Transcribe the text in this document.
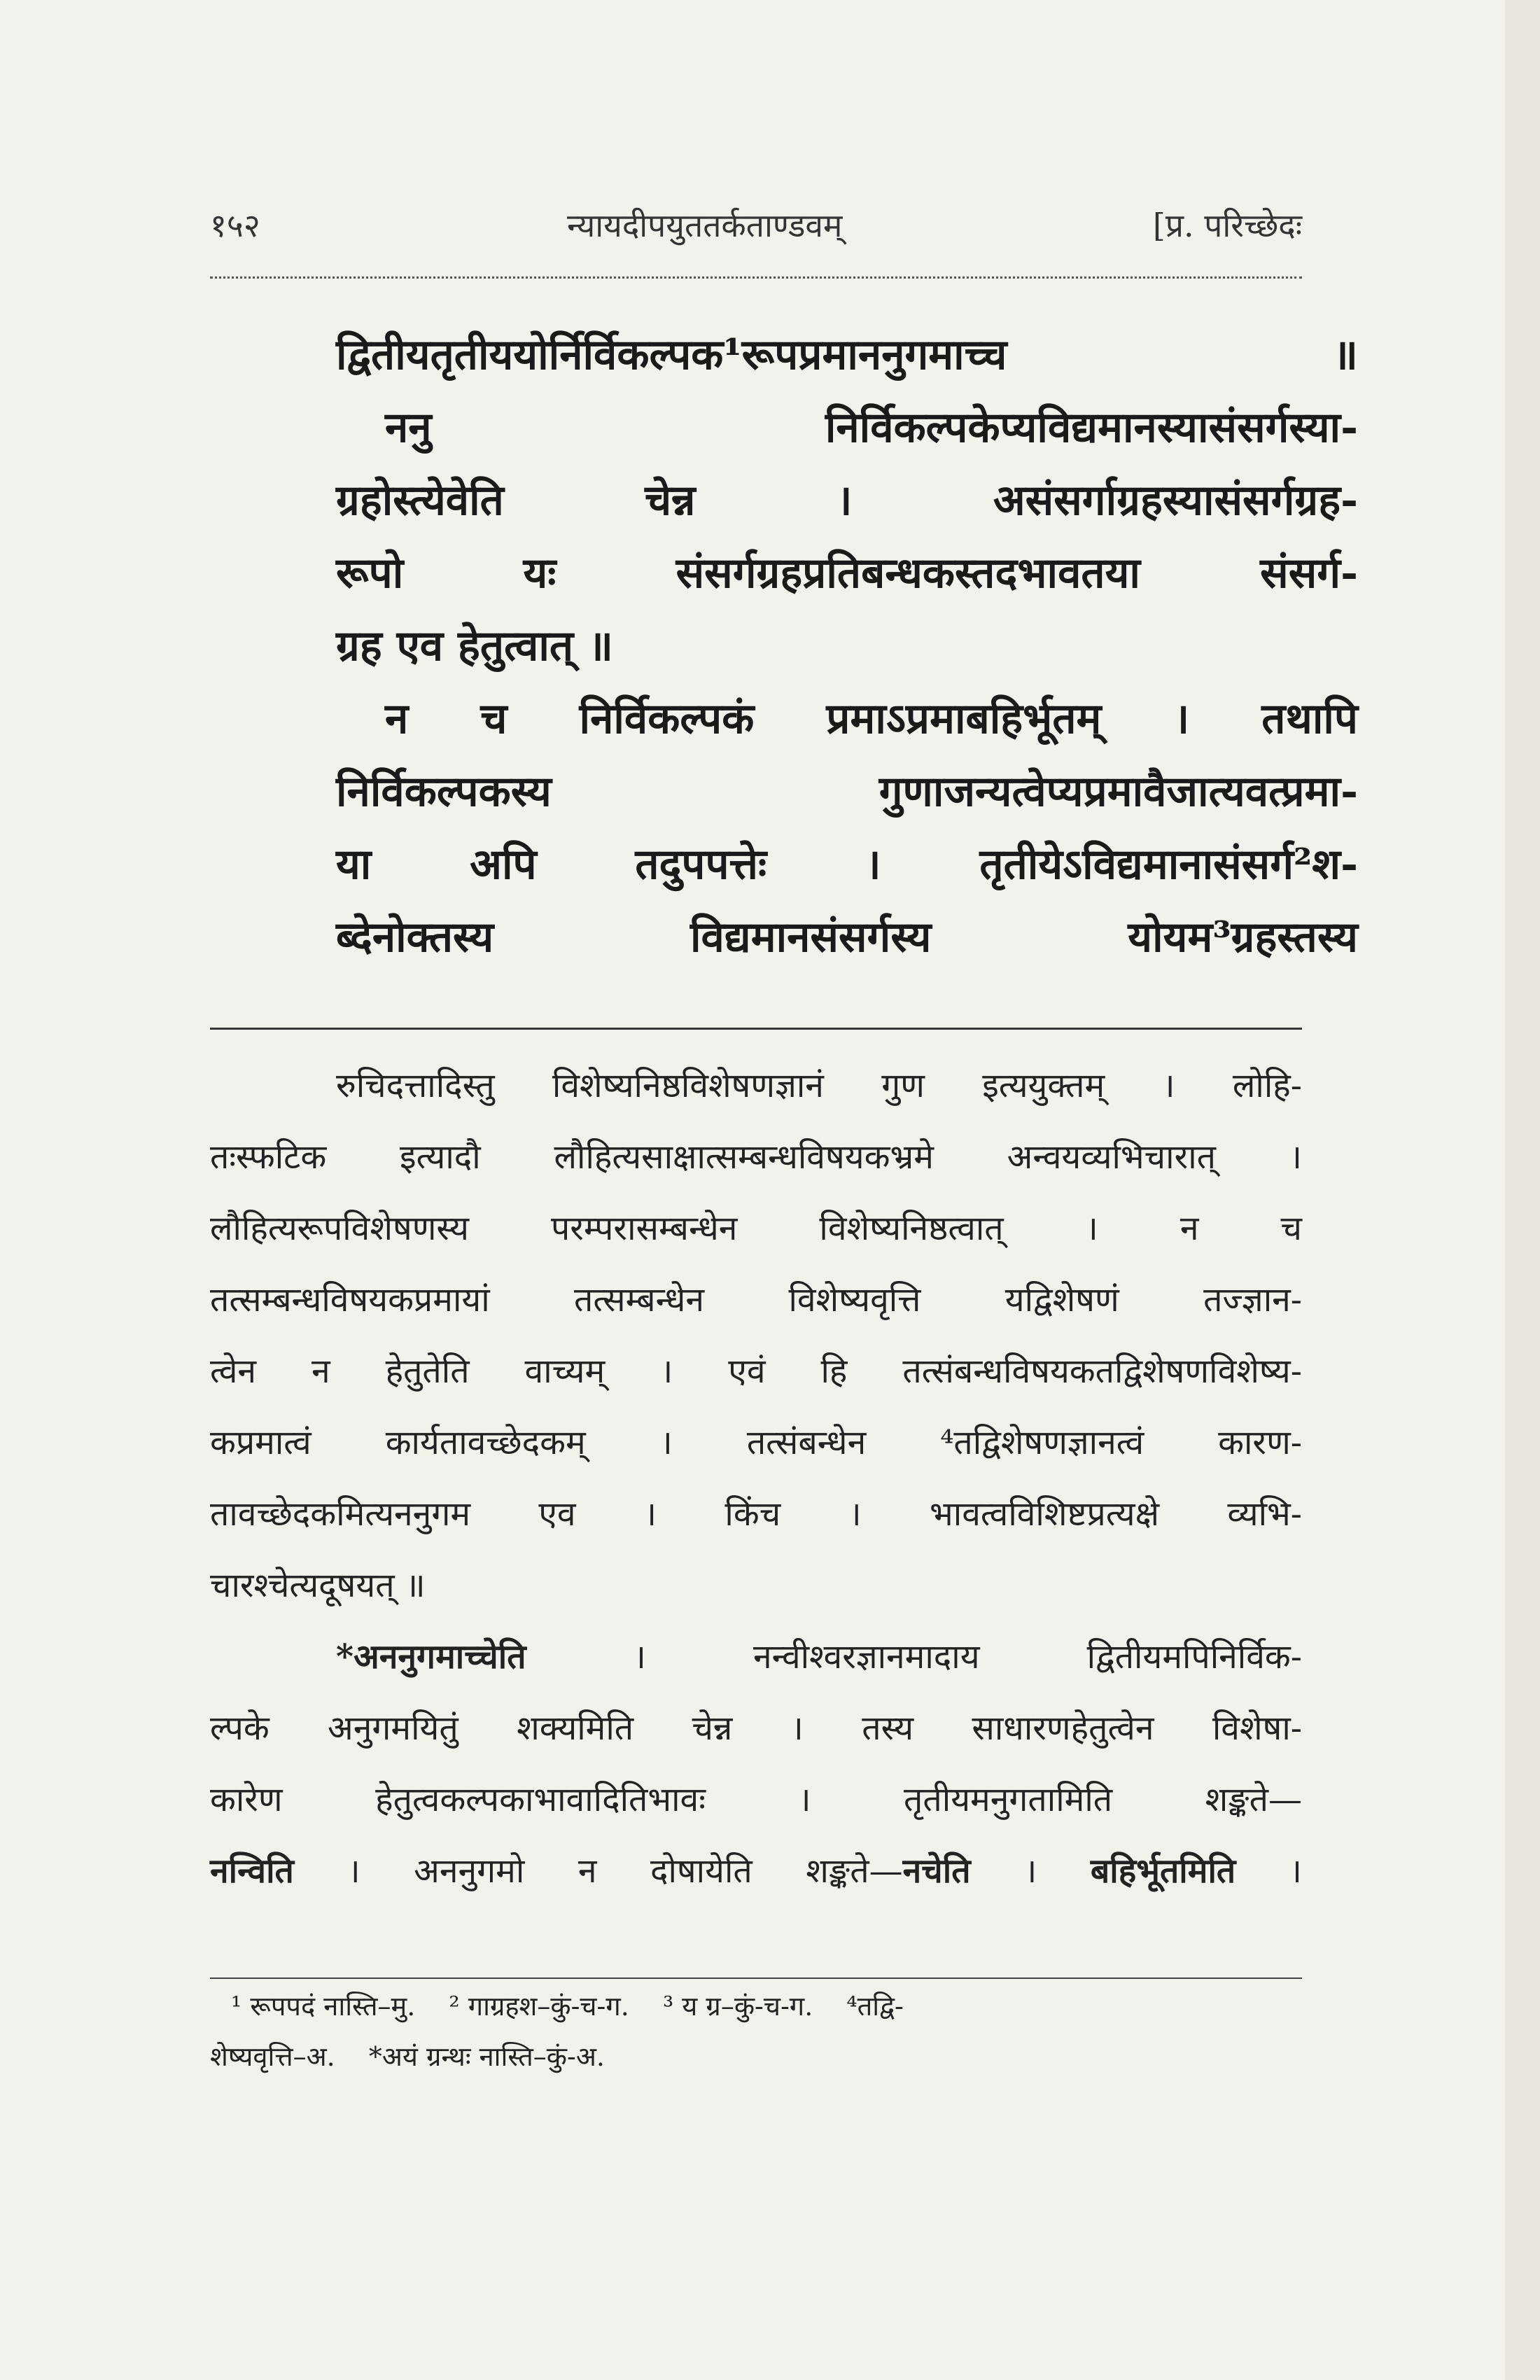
१५२	न्यायदीपयुततर्कताण्डवम्	[प्र. परिच्छेदः
द्वितीयतृतीययोर्निर्विकल्पक¹रूपप्रमाननुगमाच्च ॥
ननु निर्विकल्पकेप्यविद्यमानस्यासंसर्गस्या-
ग्रहोस्त्येवेति चेन्न । असंसर्गाग्रहस्यासंसर्गग्रह-
रूपो यः संसर्गग्रहप्रतिबन्धकस्तदभावतया संसर्ग-
ग्रह एव हेतुत्वात् ॥
न च निर्विकल्पकं प्रमाऽप्रमाबहिर्भूतम् । तथापि
निर्विकल्पकस्य गुणाजन्यत्वेप्यप्रमावैजात्यवत्प्रमा-
या अपि तदुपपत्तेः । तृतीयेऽविद्यमानासंसर्ग²श-
ब्देनोक्तस्य विद्यमानसंसर्गस्य योयम³ग्रहस्तस्य
रुचिदत्तादिस्तु विशेष्यनिष्ठविशेषणज्ञानं गुण इत्ययुक्तम् । लोहि-
तःस्फटिक इत्यादौ लौहित्यसाक्षात्सम्बन्धविषयकभ्रमे अन्वयव्यभिचारात् ।
लौहित्यरूपविशेषणस्य परम्परासम्बन्धेन विशेष्यनिष्ठत्वात् । न च
तत्सम्बन्धविषयकप्रमायां तत्सम्बन्धेन विशेष्यवृत्ति यद्विशेषणं तज्ज्ञान-
त्वेन न हेतुतेति वाच्यम् । एवं हि तत्संबन्धविषयकतद्विशेषणविशेष्य-
कप्रमात्वं कार्यतावच्छेदकम् । तत्संबन्धेन ⁴तद्विशेषणज्ञानत्वं कारण-
तावच्छेदकमित्यननुगम एव । किंच । भावत्वविशिष्टप्रत्यक्षे व्यभि-
चारश्चेत्यदूषयत् ॥
*अननुगमाच्चेति । नन्वीश्वरज्ञानमादाय द्वितीयमपिनिर्विक-
ल्पके अनुगमयितुं शक्यमिति चेन्न । तस्य साधारणहेतुत्वेन विशेषा-
कारेण हेतुत्वकल्पकाभावादितिभावः । तृतीयमनुगतामिति शङ्कते—
नन्विति । अननुगमो न दोषायेति शङ्कते—नचेति । बहिर्भूतमिति ।
¹ रूपपदं नास्ति–मु. ² गाग्रहश–कुं-च-ग. ³ य ग्र–कुं-च-ग. ⁴तद्वि-
शेष्यवृत्ति–अ. *अयं ग्रन्थः नास्ति–कुं-अ.
